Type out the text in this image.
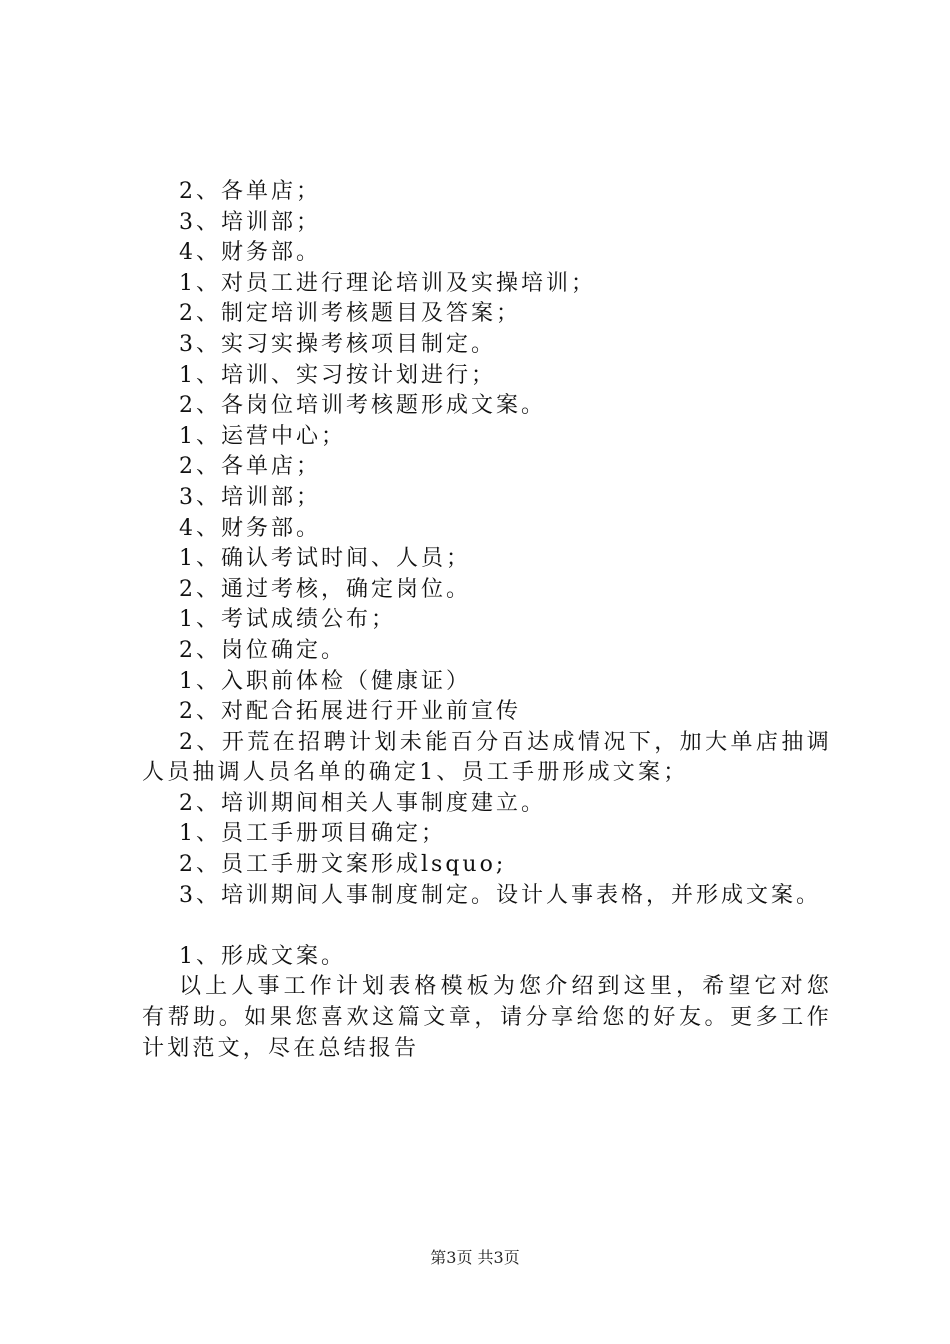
2、各单店；
3、培训部；
4、财务部。
1、对员工进行理论培训及实操培训；
2、制定培训考核题目及答案；
3、实习实操考核项目制定。
1、培训、实习按计划进行；
2、各岗位培训考核题形成文案。
1、运营中心；
2、各单店；
3、培训部；
4、财务部。
1、确认考试时间、人员；
2、通过考核，确定岗位。
1、考试成绩公布；
2、岗位确定。
1、入职前体检（健康证）
2、对配合拓展进行开业前宣传
2、开荒在招聘计划未能百分百达成情况下，加大单店抽调人员抽调人员名单的确定1、员工手册形成文案；
2、培训期间相关人事制度建立。
1、员工手册项目确定；
2、员工手册文案形成lsquo;
3、培训期间人事制度制定。设计人事表格，并形成文案。
1、形成文案。
以上人事工作计划表格模板为您介绍到这里，希望它对您有帮助。如果您喜欢这篇文章，请分享给您的好友。更多工作计划范文，尽在总结报告
第3页 共3页
